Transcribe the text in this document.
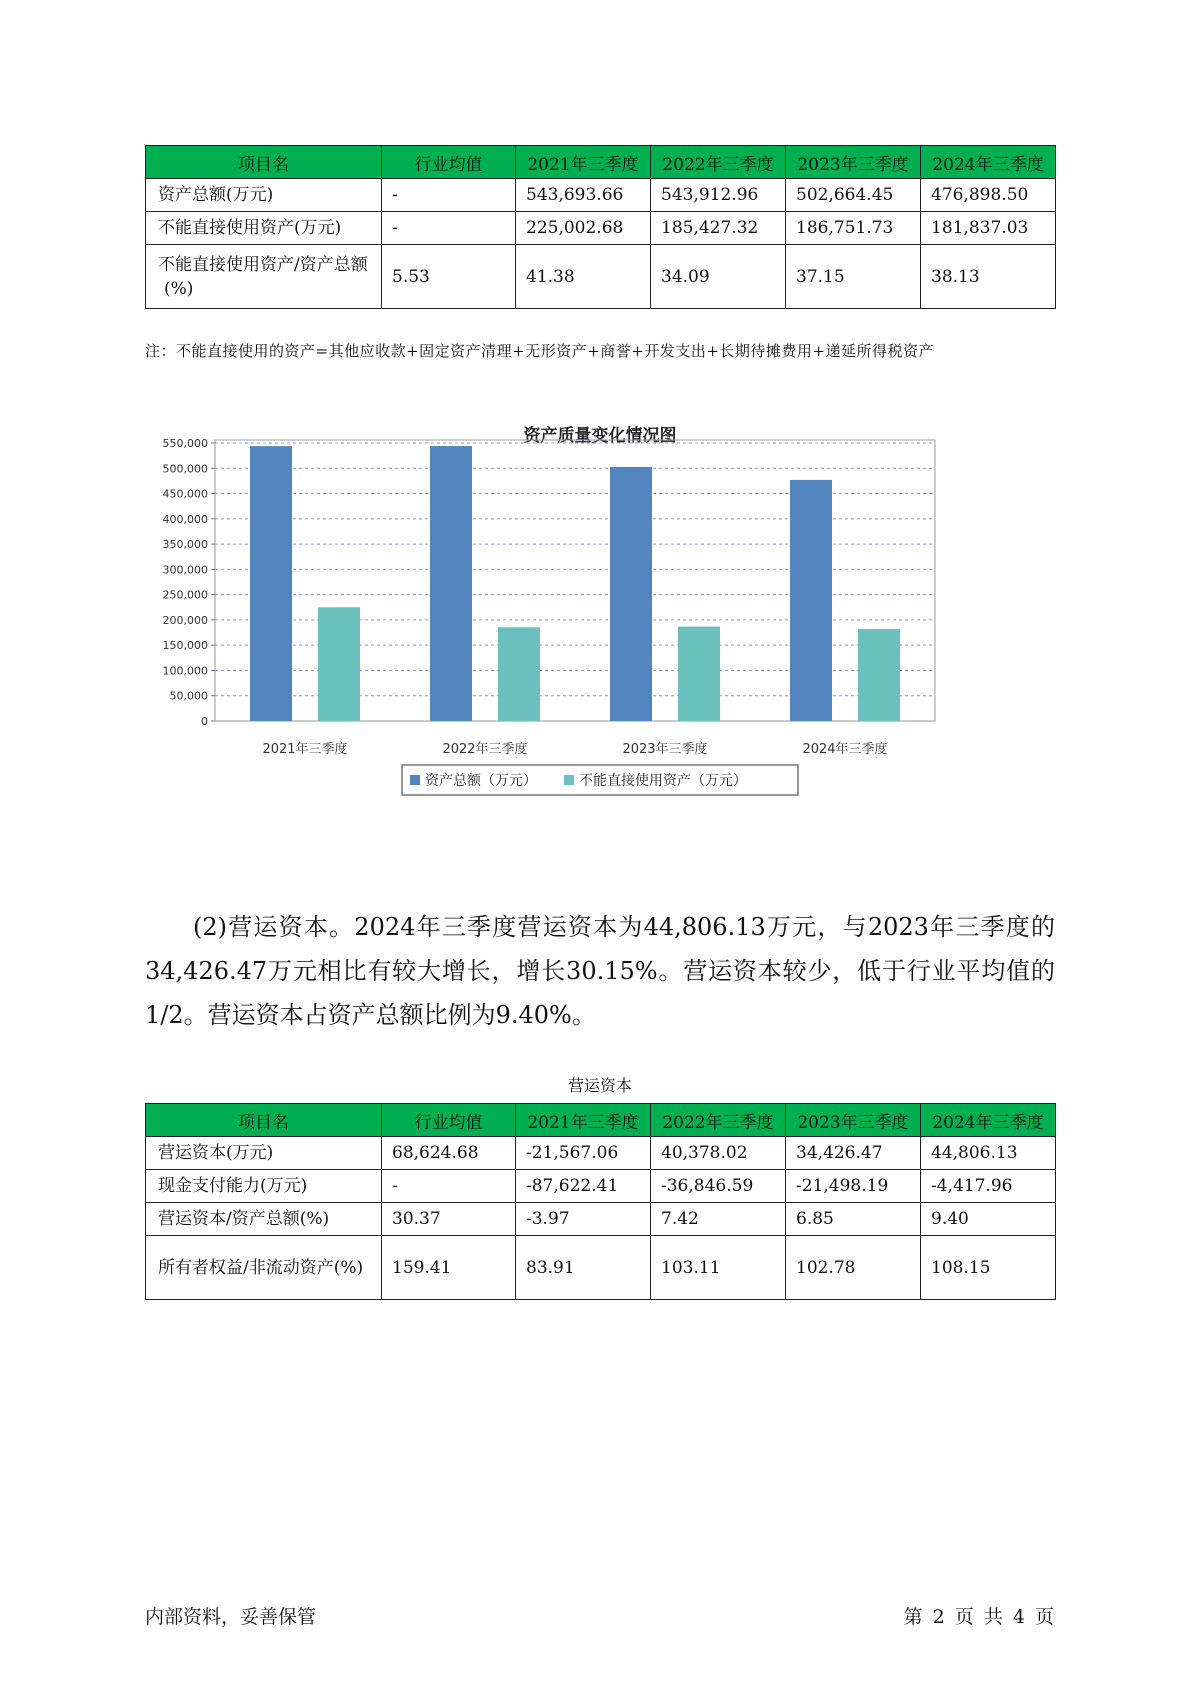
项目名	行业均值	2021年三季度	2022年三季度	2023年三季度	2024年三季度
资产总额(万元)	-	543,693.66	543,912.96	502,664.45	476,898.50
不能直接使用资产(万元)	-	225,002.68	185,427.32	186,751.73	181,837.03
不能直接使用资产/资产总额(%)	5.53	41.38	34.09	37.15	38.13
注：不能直接使用的资产=其他应收款+固定资产清理+无形资产+商誉+开发支出+长期待摊费用+递延所得税资产
资产质量变化情况图
0
50,000
100,000
150,000
200,000
250,000
300,000
350,000
400,000
450,000
500,000
550,000
2021年三季度	2022年三季度	2023年三季度	2024年三季度
资产总额（万元）	不能直接使用资产（万元）
(2)营运资本。2024年三季度营运资本为44,806.13万元，与2023年三季度的34,426.47万元相比有较大增长，增长30.15%。营运资本较少，低于行业平均值的1/2。营运资本占资产总额比例为9.40%。
营运资本
项目名	行业均值	2021年三季度	2022年三季度	2023年三季度	2024年三季度
营运资本(万元)	68,624.68	-21,567.06	40,378.02	34,426.47	44,806.13
现金支付能力(万元)	-	-87,622.41	-36,846.59	-21,498.19	-4,417.96
营运资本/资产总额(%)	30.37	-3.97	7.42	6.85	9.40
所有者权益/非流动资产(%)	159.41	83.91	103.11	102.78	108.15
内部资料，妥善保管	第 2 页 共 4 页
